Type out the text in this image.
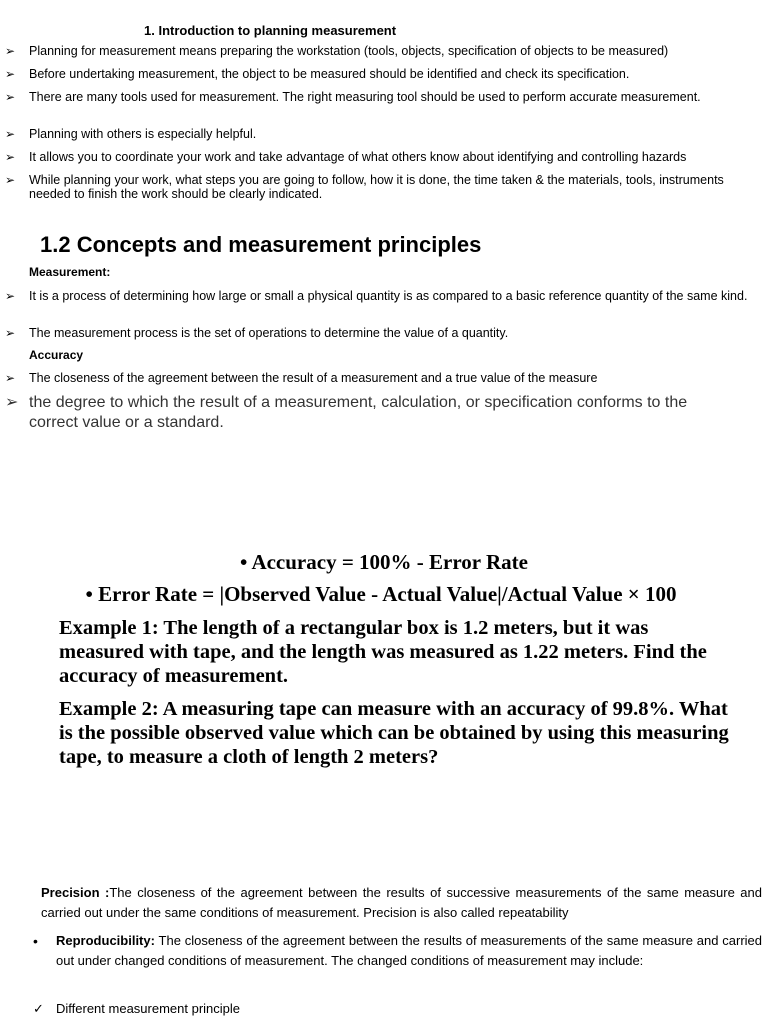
1. Introduction to planning measurement
➢ Planning for measurement means preparing the workstation (tools, objects, specification of objects to be measured)
➢ Before undertaking measurement, the object to be measured should be identified and check its specification.
➢ There are many tools used for measurement. The right measuring tool should be used to perform accurate measurement.
➢ Planning with others is especially helpful.
➢ It allows you to coordinate your work and take advantage of what others know about identifying and controlling hazards
➢ While planning your work, what steps you are going to follow, how it is done, the time taken & the materials, tools, instruments needed to finish the work should be clearly indicated.
1.2 Concepts and measurement principles
Measurement:
➢ It is a process of determining how large or small a physical quantity is as compared to a basic reference quantity of the same kind.
➢ The measurement process is the set of operations to determine the value of a quantity.
Accuracy
➢ The closeness of the agreement between the result of a measurement and a true value of the measure
➢ the degree to which the result of a measurement, calculation, or specification conforms to the correct value or a standard.
• Accuracy = 100% - Error Rate
• Error Rate = |Observed Value - Actual Value|/Actual Value × 100
Example 1: The length of a rectangular box is 1.2 meters, but it was measured with tape, and the length was measured as 1.22 meters. Find the accuracy of measurement.
Example 2: A measuring tape can measure with an accuracy of 99.8%. What is the possible observed value which can be obtained by using this measuring tape, to measure a cloth of length 2 meters?
Precision :The closeness of the agreement between the results of successive measurements of the same measure and carried out under the same conditions of measurement. Precision is also called repeatability
• Reproducibility: The closeness of the agreement between the results of measurements of the same measure and carried out under changed conditions of measurement. The changed conditions of measurement may include:
✓ Different measurement principle
